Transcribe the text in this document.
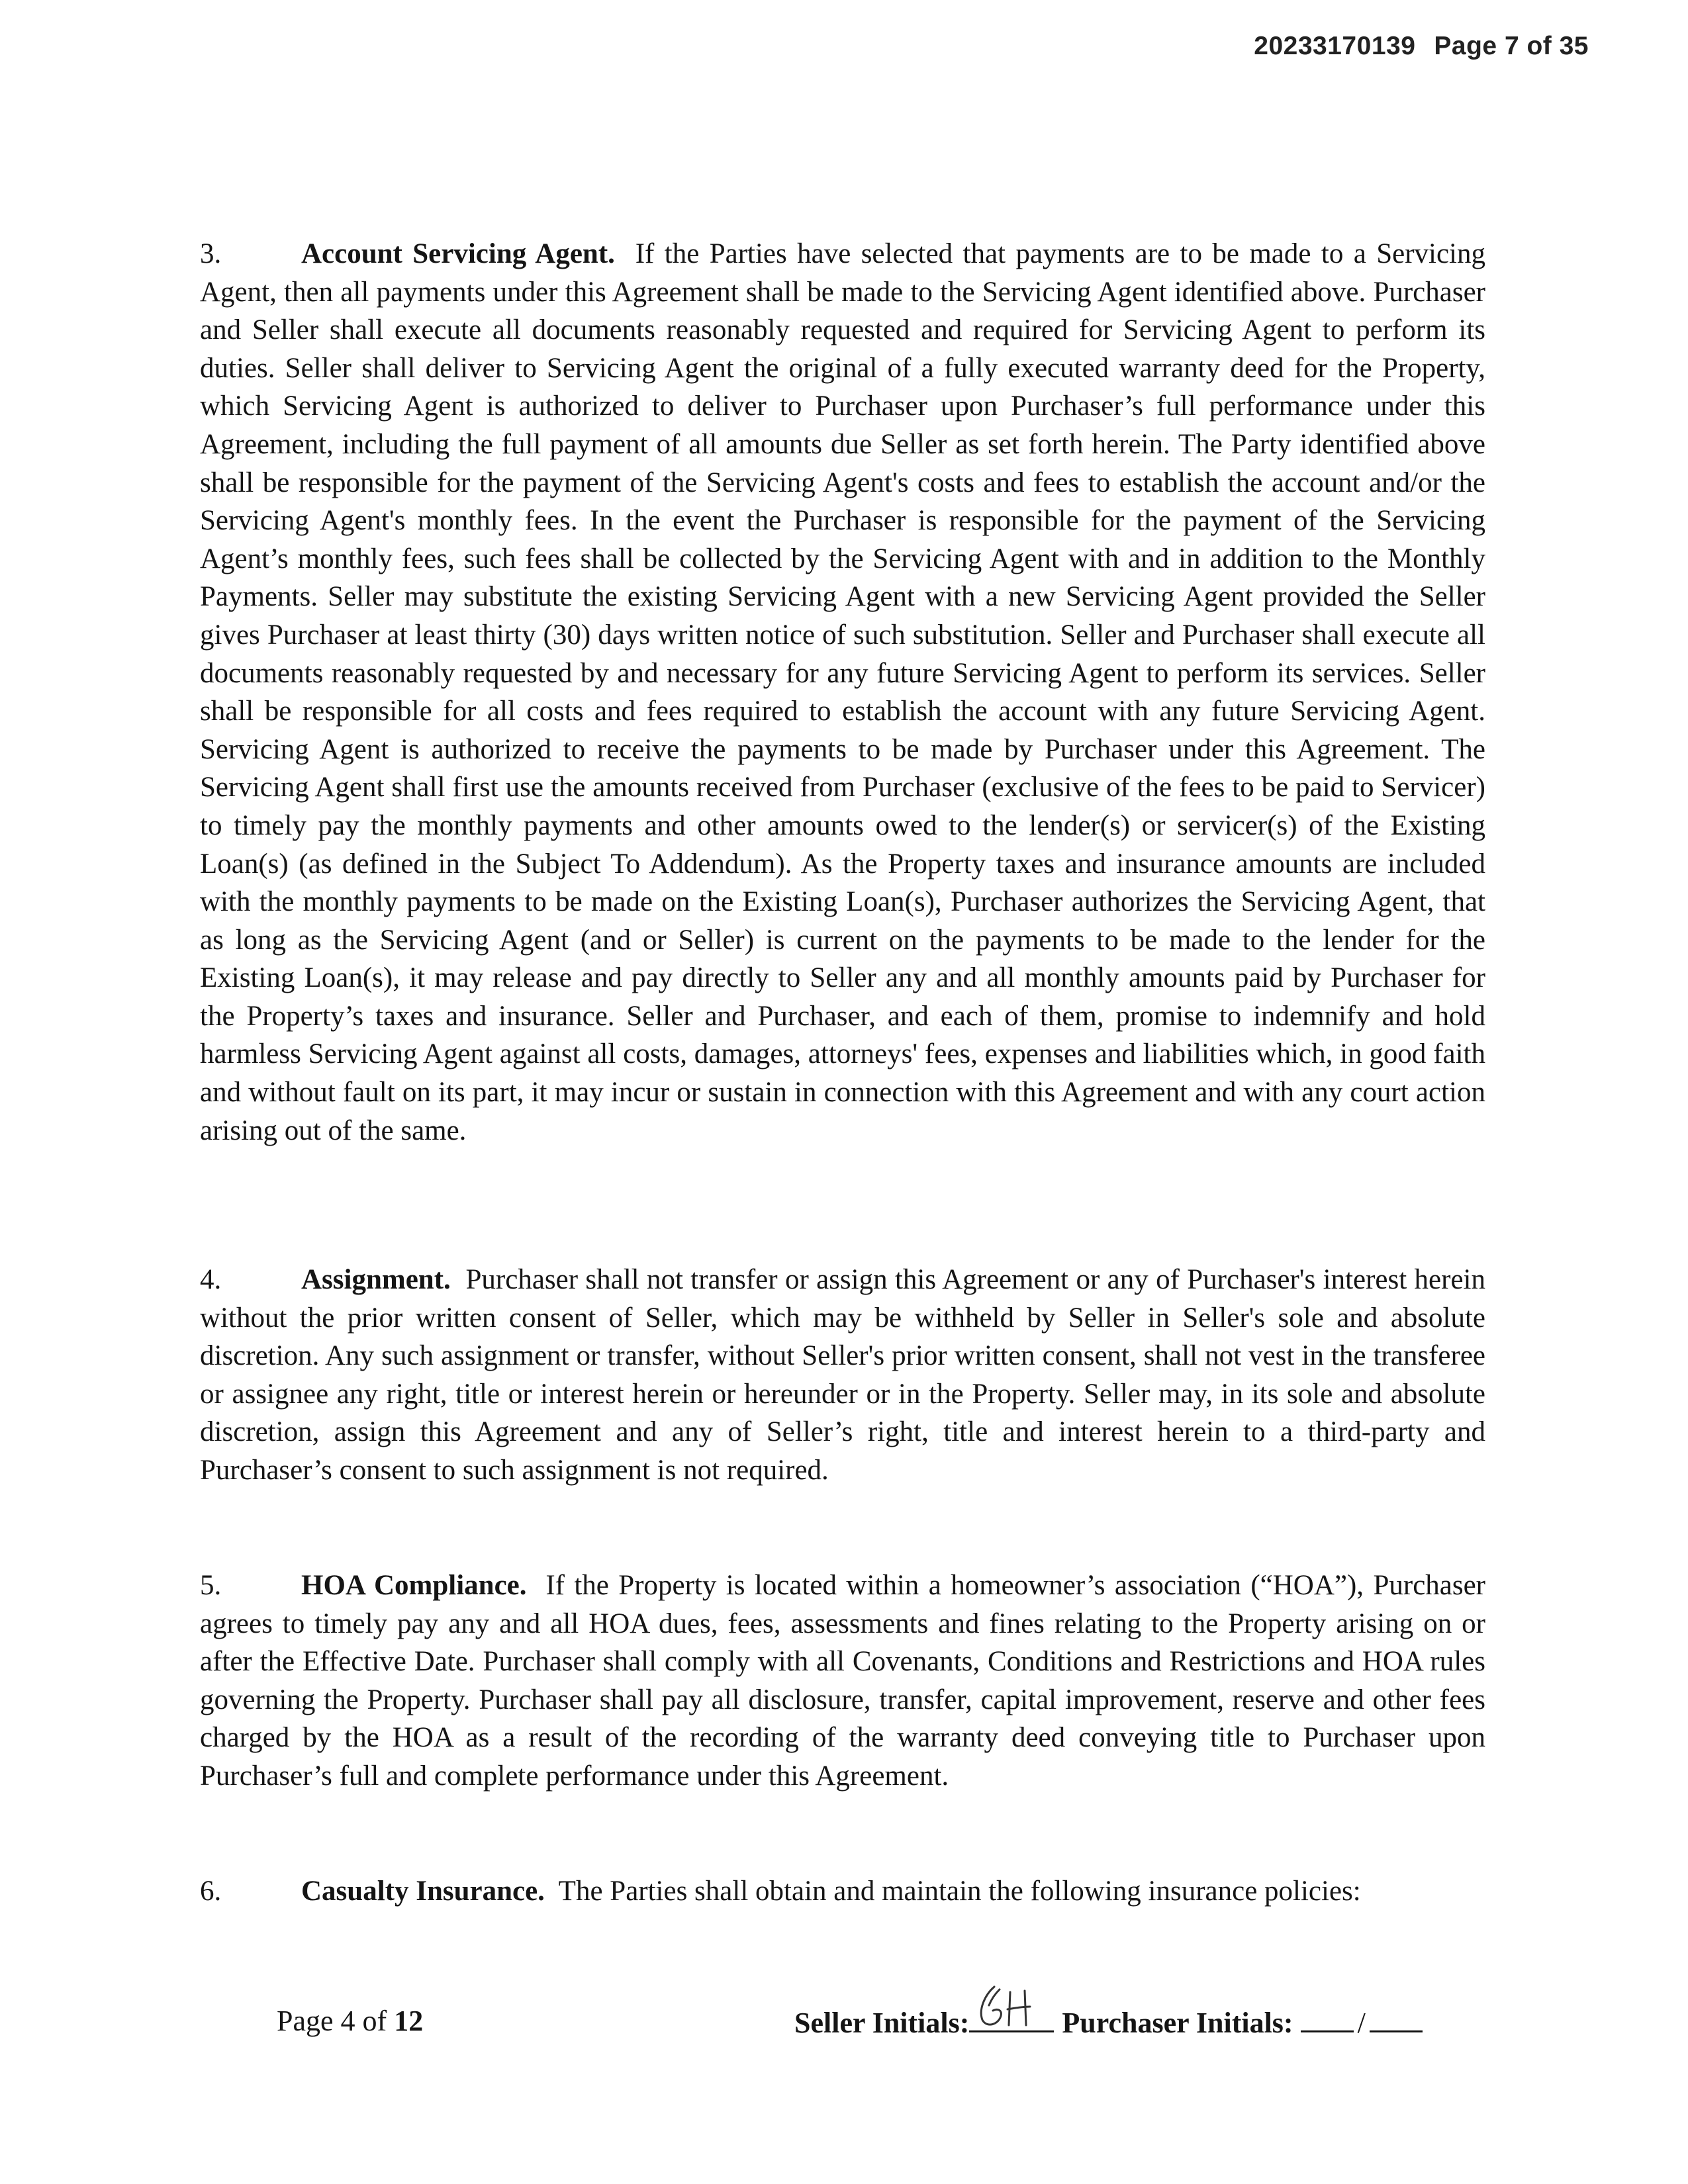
20233170139 Page 7 of 35

3.	Account Servicing Agent. If the Parties have selected that payments are to be made to a Servicing Agent, then all payments under this Agreement shall be made to the Servicing Agent identified above. Purchaser and Seller shall execute all documents reasonably requested and required for Servicing Agent to perform its duties. Seller shall deliver to Servicing Agent the original of a fully executed warranty deed for the Property, which Servicing Agent is authorized to deliver to Purchaser upon Purchaser’s full performance under this Agreement, including the full payment of all amounts due Seller as set forth herein. The Party identified above shall be responsible for the payment of the Servicing Agent's costs and fees to establish the account and/or the Servicing Agent's monthly fees. In the event the Purchaser is responsible for the payment of the Servicing Agent’s monthly fees, such fees shall be collected by the Servicing Agent with and in addition to the Monthly Payments. Seller may substitute the existing Servicing Agent with a new Servicing Agent provided the Seller gives Purchaser at least thirty (30) days written notice of such substitution. Seller and Purchaser shall execute all documents reasonably requested by and necessary for any future Servicing Agent to perform its services. Seller shall be responsible for all costs and fees required to establish the account with any future Servicing Agent. Servicing Agent is authorized to receive the payments to be made by Purchaser under this Agreement. The Servicing Agent shall first use the amounts received from Purchaser (exclusive of the fees to be paid to Servicer) to timely pay the monthly payments and other amounts owed to the lender(s) or servicer(s) of the Existing Loan(s) (as defined in the Subject To Addendum). As the Property taxes and insurance amounts are included with the monthly payments to be made on the Existing Loan(s), Purchaser authorizes the Servicing Agent, that as long as the Servicing Agent (and or Seller) is current on the payments to be made to the lender for the Existing Loan(s), it may release and pay directly to Seller any and all monthly amounts paid by Purchaser for the Property’s taxes and insurance. Seller and Purchaser, and each of them, promise to indemnify and hold harmless Servicing Agent against all costs, damages, attorneys' fees, expenses and liabilities which, in good faith and without fault on its part, it may incur or sustain in connection with this Agreement and with any court action arising out of the same.

4.	Assignment. Purchaser shall not transfer or assign this Agreement or any of Purchaser's interest herein without the prior written consent of Seller, which may be withheld by Seller in Seller's sole and absolute discretion. Any such assignment or transfer, without Seller's prior written consent, shall not vest in the transferee or assignee any right, title or interest herein or hereunder or in the Property. Seller may, in its sole and absolute discretion, assign this Agreement and any of Seller’s right, title and interest herein to a third-party and Purchaser’s consent to such assignment is not required.

5.	HOA Compliance. If the Property is located within a homeowner’s association (“HOA”), Purchaser agrees to timely pay any and all HOA dues, fees, assessments and fines relating to the Property arising on or after the Effective Date. Purchaser shall comply with all Covenants, Conditions and Restrictions and HOA rules governing the Property. Purchaser shall pay all disclosure, transfer, capital improvement, reserve and other fees charged by the HOA as a result of the recording of the warranty deed conveying title to Purchaser upon Purchaser’s full and complete performance under this Agreement.

6.	Casualty Insurance. The Parties shall obtain and maintain the following insurance policies:

Page 4 of 12	Seller Initials:	Purchaser Initials: /
